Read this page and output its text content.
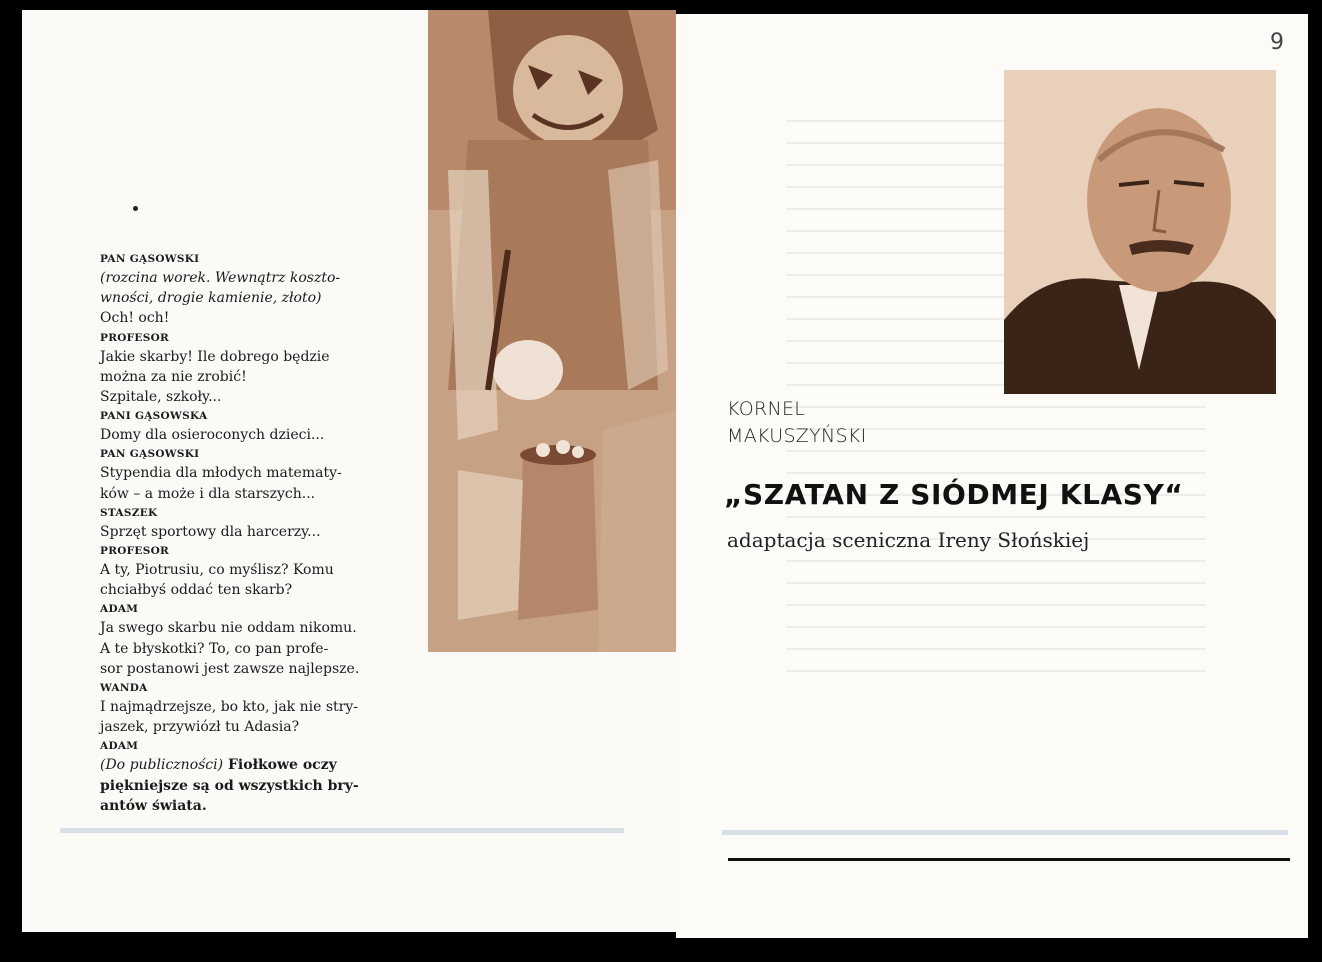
9
PAN GĄSOWSKI
(rozcina worek. Wewnątrz koszto-
wności, drogie kamienie, złoto)
Och! och!
PROFESOR
Jakie skarby! Ile dobrego będzie
można za nie zrobić!
Szpitale, szkoły...
PANI GĄSOWSKA
Domy dla osieroconych dzieci...
PAN GĄSOWSKI
Stypendia dla młodych matematy-
ków – a może i dla starszych...
STASZEK
Sprzęt sportowy dla harcerzy...
PROFESOR
A ty, Piotrusiu, co myślisz? Komu
chciałbyś oddać ten skarb?
ADAM
Ja swego skarbu nie oddam nikomu.
A te błyskotki? To, co pan profe-
sor postanowi jest zawsze najlepsze.
WANDA
I najmądrzejsze, bo kto, jak nie stry-
jaszek, przywiózł tu Adasia?
ADAM
(Do publiczności) Fiołkowe oczy
piękniejsze są od wszystkich bry-
antów świata.
KORNEL
MAKUSZYŃSKI
„SZATAN Z SIÓDMEJ KLASY“
adaptacja sceniczna Ireny Słońskiej
